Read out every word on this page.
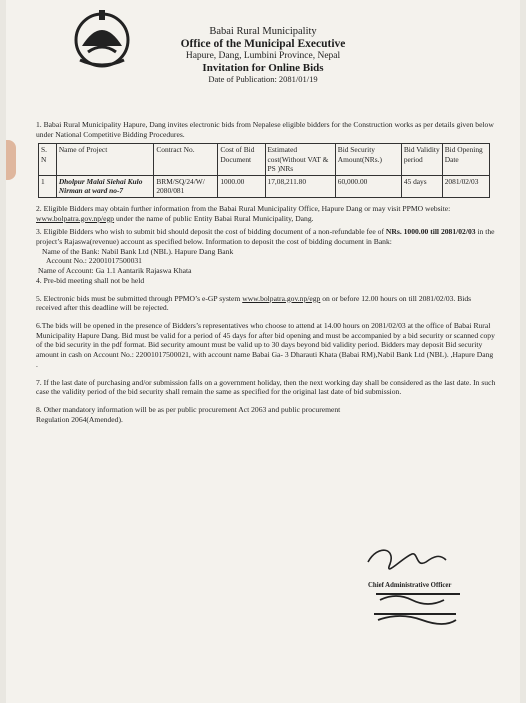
Babai Rural Municipality
Office of the Municipal Executive
Hapure, Dang, Lumbini Province, Nepal
Invitation for Online Bids
Date of Publication: 2081/01/19

1. Babai Rural Municipality Hapure, Dang invites electronic bids from Nepalese eligible bidders for the Construction works as per details given below under National Competitive Bidding Procedures.

S. N	Name of Project	Contract No.	Cost of Bid Document	Estimated cost(Without VAT & PS )NRs	Bid Security Amount(NRs.)	Bid Validity period	Bid Opening Date
1	Dholpur Malai Siehai Kulo Nirman at ward no-7	BRM/SQ/24/W/ 2080/081	1000.00	17,08,211.80	60,000.00	45 days	2081/02/03

2. Eligible Bidders may obtain further information from the Babai Rural Municipality Office, Hapure Dang or may visit PPMO website: www.bolpatra.gov.np/egp under the name of public Entity Babai Rural Municipality, Dang.

3. Eligible Bidders who wish to submit bid should deposit the cost of bidding document of a non-refundable fee of NRs. 1000.00 till 2081/02/03 in the project’s Rajaswa(revenue) account as specified below. Information to deposit the cost of bidding document in Bank:

Name of the Bank: Nabil Bank Ltd (NBL). Hapure Dang Bank
Account No.: 22001017500031
Name of Account: Ga 1.1 Aantarik Rajaswa Khata

4. Pre-bid meeting shall not be held

5. Electronic bids must be submitted through PPMO’s e-GP system www.bolpatra.gov.np/egp on or before 12.00 hours on till 2081/02/03. Bids received after this deadline will be rejected.

6.The bids will be opened in the presence of Bidders’s representatives who choose to attend at 14.00 hours on 2081/02/03 at the office of Babai Rural Municipality Hapure Dang. Bid must be valid for a period of 45 days for after bid opening and must be accompanied by a bid security or scanned copy of the bid security in the pdf format. Bid security amount must be valid up to 30 days beyond bid validity period. Bidders may deposit Bid security amount in cash on Account No.: 22001017500021, with account name Babai Ga- 3 Dharauti Khata (Babai RM),Nabil Bank Ltd (NBL). ,Hapure Dang .

7. If the last date of purchasing and/or submission falls on a government holiday, then the next working day shall be considered as the last date. In such case the validity period of the bid security shall remain the same as specified for the original last date of bid submission.

8. Other mandatory information will be as per public procurement Act 2063 and public procurement Regulation 2064(Amended).

Chief Administrative Officer
